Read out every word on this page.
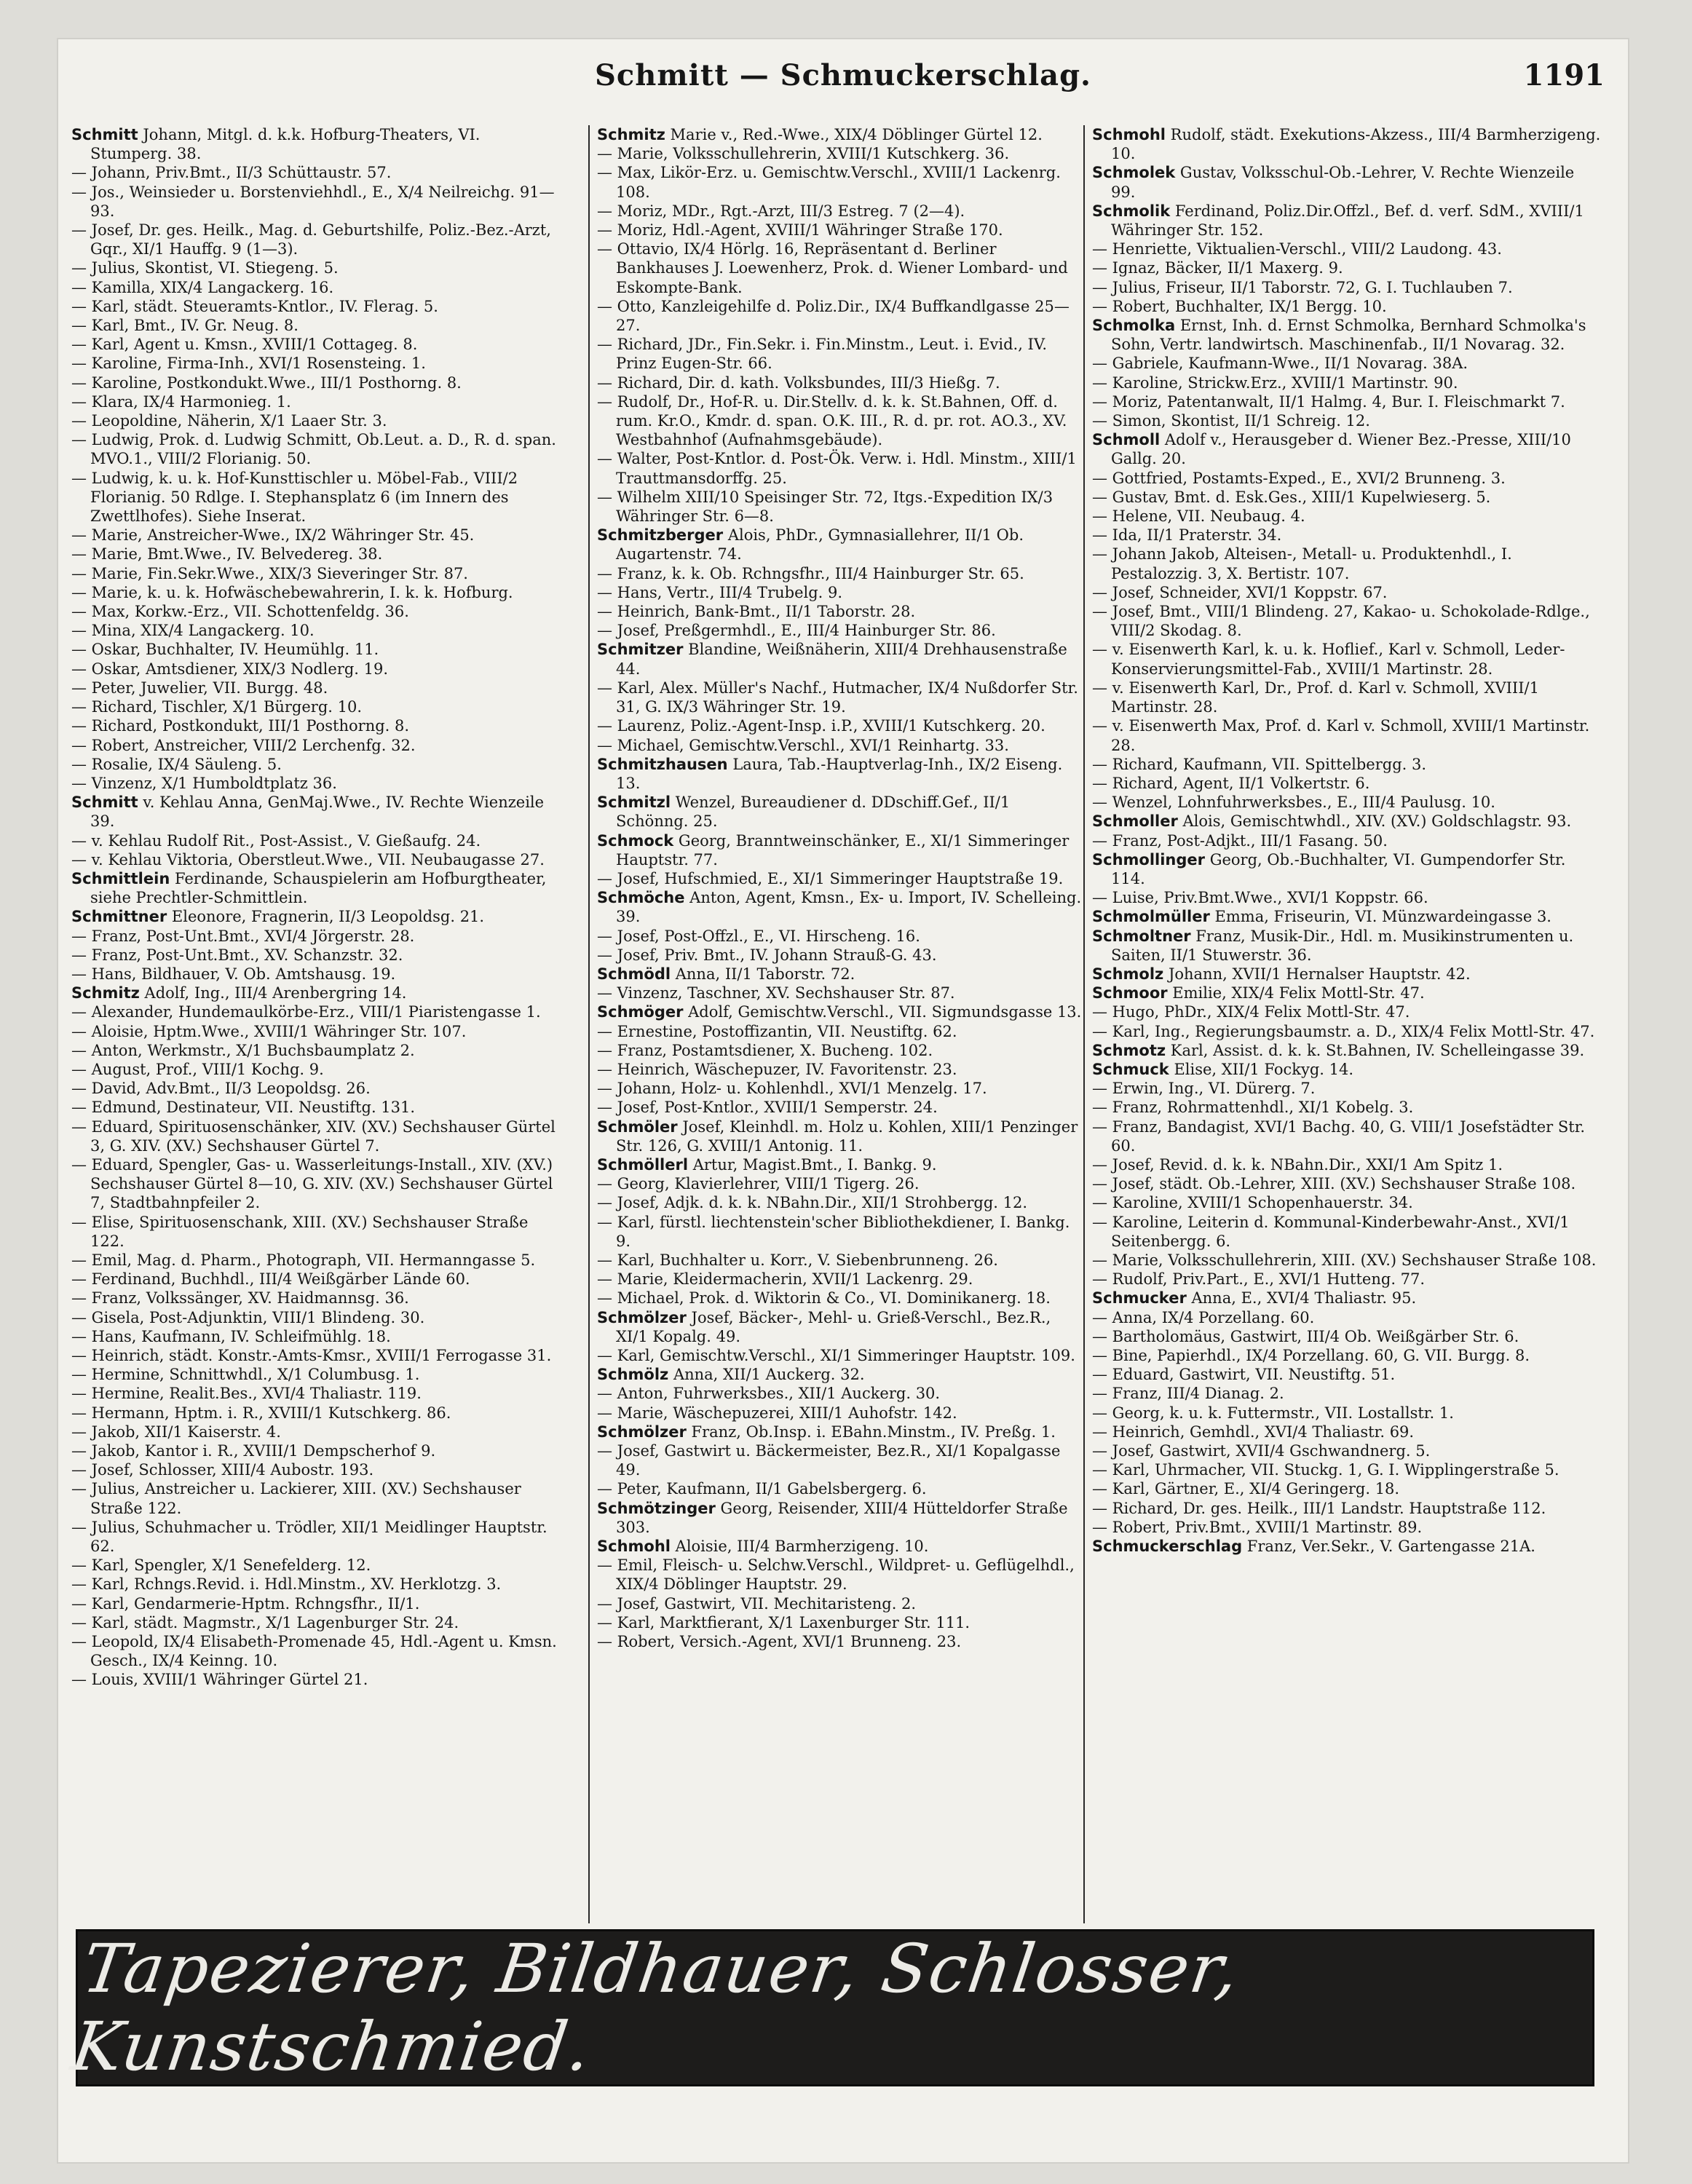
Schmitt — Schmuckerschlag.	1191

Schmitt Johann, Mitgl. d. k.k. Hofburg-Theaters, VI. Stumperg. 38.

— Johann, Priv.Bmt., II/3 Schüttaustr. 57.

— Jos., Weinsieder u. Borstenviehhdl., E., X/4 Neilreichg. 91—93.

— Josef, Dr. ges. Heilk., Mag. d. Geburtshilfe, Poliz.-Bez.-Arzt, Gqr., XI/1 Hauffg. 9 (1—3).

— Julius, Skontist, VI. Stiegeng. 5.

— Kamilla, XIX/4 Langackerg. 16.

— Karl, städt. Steueramts-Kntlor., IV. Flerag. 5.

— Karl, Bmt., IV. Gr. Neug. 8.

— Karl, Agent u. Kmsn., XVIII/1 Cottageg. 8.

— Karoline, Firma-Inh., XVI/1 Rosensteing. 1.

— Karoline, Postkondukt.Wwe., III/1 Posthorng. 8.

— Klara, IX/4 Harmonieg. 1.

— Leopoldine, Näherin, X/1 Laaer Str. 3.

— Ludwig, Prok. d. Ludwig Schmitt, Ob.Leut. a. D., R. d. span. MVO.1., VIII/2 Florianig. 50.

— Ludwig, k. u. k. Hof-Kunsttischler u. Möbel-Fab., VIII/2 Florianig. 50 Rdlge. I. Stephansplatz 6 (im Innern des Zwettlhofes). Siehe Inserat.

— Marie, Anstreicher-Wwe., IX/2 Währinger Str. 45.

— Marie, Bmt.Wwe., IV. Belvedereg. 38.

— Marie, Fin.Sekr.Wwe., XIX/3 Sieveringer Str. 87.

— Marie, k. u. k. Hofwäschebewahrerin, I. k. k. Hofburg.

— Max, Korkw.-Erz., VII. Schottenfeldg. 36.

— Mina, XIX/4 Langackerg. 10.

— Oskar, Buchhalter, IV. Heumühlg. 11.

— Oskar, Amtsdiener, XIX/3 Nodlerg. 19.

— Peter, Juwelier, VII. Burgg. 48.

— Richard, Tischler, X/1 Bürgerg. 10.

— Richard, Postkondukt, III/1 Posthorng. 8.

— Robert, Anstreicher, VIII/2 Lerchenfg. 32.

— Rosalie, IX/4 Säuleng. 5.

— Vinzenz, X/1 Humboldtplatz 36.

Schmitt v. Kehlau Anna, GenMaj.Wwe., IV. Rechte Wienzeile 39.

— v. Kehlau Rudolf Rit., Post-Assist., V. Gießaufg. 24.

— v. Kehlau Viktoria, Oberstleut.Wwe., VII. Neubaugasse 27.

Schmittlein Ferdinande, Schauspielerin am Hofburgtheater, siehe Prechtler-Schmittlein.

Schmittner Eleonore, Fragnerin, II/3 Leopoldsg. 21.

— Franz, Post-Unt.Bmt., XVI/4 Jörgerstr. 28.

— Franz, Post-Unt.Bmt., XV. Schanzstr. 32.

— Hans, Bildhauer, V. Ob. Amtshausg. 19.

Schmitz Adolf, Ing., III/4 Arenbergring 14.

— Alexander, Hundemaulkörbe-Erz., VIII/1 Piaristengasse 1.

— Aloisie, Hptm.Wwe., XVIII/1 Währinger Str. 107.

— Anton, Werkmstr., X/1 Buchsbaumplatz 2.

— August, Prof., VIII/1 Kochg. 9.

— David, Adv.Bmt., II/3 Leopoldsg. 26.

— Edmund, Destinateur, VII. Neustiftg. 131.

— Eduard, Spirituosenschänker, XIV. (XV.) Sechshauser Gürtel 3, G. XIV. (XV.) Sechshauser Gürtel 7.

— Eduard, Spengler, Gas- u. Wasserleitungs-Install., XIV. (XV.) Sechshauser Gürtel 8—10, G. XIV. (XV.) Sechshauser Gürtel 7, Stadtbahnpfeiler 2.

— Elise, Spirituosenschank, XIII. (XV.) Sechshauser Straße 122.

— Emil, Mag. d. Pharm., Photograph, VII. Hermanngasse 5.

— Ferdinand, Buchhdl., III/4 Weißgärber Lände 60.

— Franz, Volkssänger, XV. Haidmannsg. 36.

— Gisela, Post-Adjunktin, VIII/1 Blindeng. 30.

— Hans, Kaufmann, IV. Schleifmühlg. 18.

— Heinrich, städt. Konstr.-Amts-Kmsr., XVIII/1 Ferrogasse 31.

— Hermine, Schnittwhdl., X/1 Columbusg. 1.

— Hermine, Realit.Bes., XVI/4 Thaliastr. 119.

— Hermann, Hptm. i. R., XVIII/1 Kutschkerg. 86.

— Jakob, XII/1 Kaiserstr. 4.

— Jakob, Kantor i. R., XVIII/1 Dempscherhof 9.

— Josef, Schlosser, XIII/4 Aubostr. 193.

— Julius, Anstreicher u. Lackierer, XIII. (XV.) Sechshauser Straße 122.

— Julius, Schuhmacher u. Trödler, XII/1 Meidlinger Hauptstr. 62.

— Karl, Spengler, X/1 Senefelderg. 12.

— Karl, Rchngs.Revid. i. Hdl.Minstm., XV. Herklotzg. 3.

— Karl, Gendarmerie-Hptm. Rchngsfhr., II/1.

— Karl, städt. Magmstr., X/1 Lagenburger Str. 24.

— Leopold, IX/4 Elisabeth-Promenade 45, Hdl.-Agent u. Kmsn. Gesch., IX/4 Keinng. 10.

— Louis, XVIII/1 Währinger Gürtel 21.

Schmitz Marie v., Red.-Wwe., XIX/4 Döblinger Gürtel 12.

— Marie, Volksschullehrerin, XVIII/1 Kutschkerg. 36.

— Max, Likör-Erz. u. Gemischtw.Verschl., XVIII/1 Lackenrg. 108.

— Moriz, MDr., Rgt.-Arzt, III/3 Estreg. 7 (2—4).

— Moriz, Hdl.-Agent, XVIII/1 Währinger Straße 170.

— Ottavio, IX/4 Hörlg. 16, Repräsentant d. Berliner Bankhauses J. Loewenherz, Prok. d. Wiener Lombard- und Eskompte-Bank.

— Otto, Kanzleigehilfe d. Poliz.Dir., IX/4 Buffkandlgasse 25—27.

— Richard, JDr., Fin.Sekr. i. Fin.Minstm., Leut. i. Evid., IV. Prinz Eugen-Str. 66.

— Richard, Dir. d. kath. Volksbundes, III/3 Hießg. 7.

— Rudolf, Dr., Hof-R. u. Dir.Stellv. d. k. k. St.Bahnen, Off. d. rum. Kr.O., Kmdr. d. span. O.K. III., R. d. pr. rot. AO.3., XV. Westbahnhof (Aufnahmsgebäude).

— Walter, Post-Kntlor. d. Post-Ök. Verw. i. Hdl. Minstm., XIII/1 Trauttmansdorffg. 25.

— Wilhelm XIII/10 Speisinger Str. 72, Itgs.-Expedition IX/3 Währinger Str. 6—8.

Schmitzberger Alois, PhDr., Gymnasiallehrer, II/1 Ob. Augartenstr. 74.

— Franz, k. k. Ob. Rchngsfhr., III/4 Hainburger Str. 65.

— Hans, Vertr., III/4 Trubelg. 9.

— Heinrich, Bank-Bmt., II/1 Taborstr. 28.

— Josef, Preßgermhdl., E., III/4 Hainburger Str. 86.

Schmitzer Blandine, Weißnäherin, XIII/4 Drehhausenstraße 44.

— Karl, Alex. Müller's Nachf., Hutmacher, IX/4 Nußdorfer Str. 31, G. IX/3 Währinger Str. 19.

— Laurenz, Poliz.-Agent-Insp. i.P., XVIII/1 Kutschkerg. 20.

— Michael, Gemischtw.Verschl., XVI/1 Reinhartg. 33.

Schmitzhausen Laura, Tab.-Hauptverlag-Inh., IX/2 Eiseng. 13.

Schmitzl Wenzel, Bureaudiener d. DDschiff.Gef., II/1 Schönng. 25.

Schmock Georg, Branntweinschänker, E., XI/1 Simmeringer Hauptstr. 77.

— Josef, Hufschmied, E., XI/1 Simmeringer Hauptstraße 19.

Schmöche Anton, Agent, Kmsn., Ex- u. Import, IV. Schelleing. 39.

— Josef, Post-Offzl., E., VI. Hirscheng. 16.

— Josef, Priv. Bmt., IV. Johann Strauß-G. 43.

Schmödl Anna, II/1 Taborstr. 72.

— Vinzenz, Taschner, XV. Sechshauser Str. 87.

Schmöger Adolf, Gemischtw.Verschl., VII. Sigmundsgasse 13.

— Ernestine, Postoffizantin, VII. Neustiftg. 62.

— Franz, Postamtsdiener, X. Bucheng. 102.

— Heinrich, Wäschepuzer, IV. Favoritenstr. 23.

— Johann, Holz- u. Kohlenhdl., XVI/1 Menzelg. 17.

— Josef, Post-Kntlor., XVIII/1 Semperstr. 24.

Schmöler Josef, Kleinhdl. m. Holz u. Kohlen, XIII/1 Penzinger Str. 126, G. XVIII/1 Antonig. 11.

Schmöllerl Artur, Magist.Bmt., I. Bankg. 9.

— Georg, Klavierlehrer, VIII/1 Tigerg. 26.

— Josef, Adjk. d. k. k. NBahn.Dir., XII/1 Strohbergg. 12.

— Karl, fürstl. liechtenstein'scher Bibliothekdiener, I. Bankg. 9.

— Karl, Buchhalter u. Korr., V. Siebenbrunneng. 26.

— Marie, Kleidermacherin, XVII/1 Lackenrg. 29.

— Michael, Prok. d. Wiktorin & Co., VI. Dominikanerg. 18.

Schmölzer Josef, Bäcker-, Mehl- u. Grieß-Verschl., Bez.R., XI/1 Kopalg. 49.

— Karl, Gemischtw.Verschl., XI/1 Simmeringer Hauptstr. 109.

Schmölz Anna, XII/1 Auckerg. 32.

— Anton, Fuhrwerksbes., XII/1 Auckerg. 30.

— Marie, Wäschepuzerei, XIII/1 Auhofstr. 142.

Schmölzer Franz, Ob.Insp. i. EBahn.Minstm., IV. Preßg. 1.

— Josef, Gastwirt u. Bäckermeister, Bez.R., XI/1 Kopalgasse 49.

— Peter, Kaufmann, II/1 Gabelsbergerg. 6.

Schmötzinger Georg, Reisender, XIII/4 Hütteldorfer Straße 303.

Schmohl Aloisie, III/4 Barmherzigeng. 10.

— Emil, Fleisch- u. Selchw.Verschl., Wildpret- u. Geflügelhdl., XIX/4 Döblinger Hauptstr. 29.

— Josef, Gastwirt, VII. Mechitaristeng. 2.

— Karl, Marktfierant, X/1 Laxenburger Str. 111.

— Robert, Versich.-Agent, XVI/1 Brunneng. 23.

Schmohl Rudolf, städt. Exekutions-Akzess., III/4 Barmherzigeng. 10.

Schmolek Gustav, Volksschul-Ob.-Lehrer, V. Rechte Wienzeile 99.

Schmolik Ferdinand, Poliz.Dir.Offzl., Bef. d. verf. SdM., XVIII/1 Währinger Str. 152.

— Henriette, Viktualien-Verschl., VIII/2 Laudong. 43.

— Ignaz, Bäcker, II/1 Maxerg. 9.

— Julius, Friseur, II/1 Taborstr. 72, G. I. Tuchlauben 7.

— Robert, Buchhalter, IX/1 Bergg. 10.

Schmolka Ernst, Inh. d. Ernst Schmolka, Bernhard Schmolka's Sohn, Vertr. landwirtsch. Maschinenfab., II/1 Novarag. 32.

— Gabriele, Kaufmann-Wwe., II/1 Novarag. 38A.

— Karoline, Strickw.Erz., XVIII/1 Martinstr. 90.

— Moriz, Patentanwalt, II/1 Halmg. 4, Bur. I. Fleischmarkt 7.

— Simon, Skontist, II/1 Schreig. 12.

Schmoll Adolf v., Herausgeber d. Wiener Bez.-Presse, XIII/10 Gallg. 20.

— Gottfried, Postamts-Exped., E., XVI/2 Brunneng. 3.

— Gustav, Bmt. d. Esk.Ges., XIII/1 Kupelwieserg. 5.

— Helene, VII. Neubaug. 4.

— Ida, II/1 Praterstr. 34.

— Johann Jakob, Alteisen-, Metall- u. Produktenhdl., I. Pestalozzig. 3, X. Bertistr. 107.

— Josef, Schneider, XVI/1 Koppstr. 67.

— Josef, Bmt., VIII/1 Blindeng. 27, Kakao- u. Schokolade-Rdlge., VIII/2 Skodag. 8.

— v. Eisenwerth Karl, k. u. k. Hoflief., Karl v. Schmoll, Leder-Konservierungsmittel-Fab., XVIII/1 Martinstr. 28.

— v. Eisenwerth Karl, Dr., Prof. d. Karl v. Schmoll, XVIII/1 Martinstr. 28.

— v. Eisenwerth Max, Prof. d. Karl v. Schmoll, XVIII/1 Martinstr. 28.

— Richard, Kaufmann, VII. Spittelbergg. 3.

— Richard, Agent, II/1 Volkertstr. 6.

— Wenzel, Lohnfuhrwerksbes., E., III/4 Paulusg. 10.

Schmoller Alois, Gemischtwhdl., XIV. (XV.) Goldschlagstr. 93.

— Franz, Post-Adjkt., III/1 Fasang. 50.

Schmollinger Georg, Ob.-Buchhalter, VI. Gumpendorfer Str. 114.

— Luise, Priv.Bmt.Wwe., XVI/1 Koppstr. 66.

Schmolmüller Emma, Friseurin, VI. Münzwardeingasse 3.

Schmoltner Franz, Musik-Dir., Hdl. m. Musikinstrumenten u. Saiten, II/1 Stuwerstr. 36.

Schmolz Johann, XVII/1 Hernalser Hauptstr. 42.

Schmoor Emilie, XIX/4 Felix Mottl-Str. 47.

— Hugo, PhDr., XIX/4 Felix Mottl-Str. 47.

— Karl, Ing., Regierungsbaumstr. a. D., XIX/4 Felix Mottl-Str. 47.

Schmotz Karl, Assist. d. k. k. St.Bahnen, IV. Schelleingasse 39.

Schmuck Elise, XII/1 Fockyg. 14.

— Erwin, Ing., VI. Dürerg. 7.

— Franz, Rohrmattenhdl., XI/1 Kobelg. 3.

— Franz, Bandagist, XVI/1 Bachg. 40, G. VIII/1 Josefstädter Str. 60.

— Josef, Revid. d. k. k. NBahn.Dir., XXI/1 Am Spitz 1.

— Josef, städt. Ob.-Lehrer, XIII. (XV.) Sechshauser Straße 108.

— Karoline, XVIII/1 Schopenhauerstr. 34.

— Karoline, Leiterin d. Kommunal-Kinderbewahr-Anst., XVI/1 Seitenbergg. 6.

— Marie, Volksschullehrerin, XIII. (XV.) Sechshauser Straße 108.

— Rudolf, Priv.Part., E., XVI/1 Hutteng. 77.

Schmucker Anna, E., XVI/4 Thaliastr. 95.

— Anna, IX/4 Porzellang. 60.

— Bartholomäus, Gastwirt, III/4 Ob. Weißgärber Str. 6.

— Bine, Papierhdl., IX/4 Porzellang. 60, G. VII. Burgg. 8.

— Eduard, Gastwirt, VII. Neustiftg. 51.

— Franz, III/4 Dianag. 2.

— Georg, k. u. k. Futtermstr., VII. Lostallstr. 1.

— Heinrich, Gemhdl., XVI/4 Thaliastr. 69.

— Josef, Gastwirt, XVII/4 Gschwandnerg. 5.

— Karl, Uhrmacher, VII. Stuckg. 1, G. I. Wipplingerstraße 5.

— Karl, Gärtner, E., XI/4 Geringerg. 18.

— Richard, Dr. ges. Heilk., III/1 Landstr. Hauptstraße 112.

— Robert, Priv.Bmt., XVIII/1 Martinstr. 89.

Schmuckerschlag Franz, Ver.Sekr., V. Gartengasse 21A.

Tapezierer, Bildhauer, Schlosser, Kunstschmied.
